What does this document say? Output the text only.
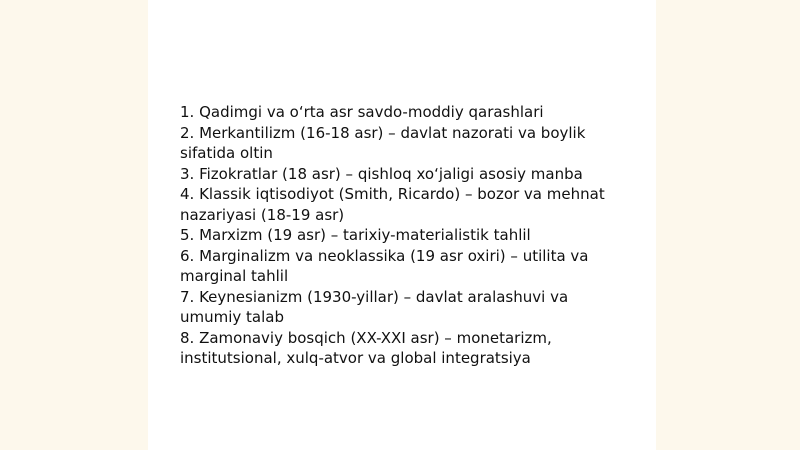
1. Qadimgi va o‘rta asr savdo-moddiy qarashlari

2. Merkantilizm (16-18 asr) – davlat nazorati va boylik sifatida oltin

3. Fizokratlar (18 asr) – qishloq xo‘jaligi asosiy manba

4. Klassik iqtisodiyot (Smith, Ricardo) – bozor va mehnat nazariyasi (18-19 asr)

5. Marxizm (19 asr) – tarixiy-materialistik tahlil

6. Marginalizm va neoklassika (19 asr oxiri) – utilita va marginal tahlil

7. Keynesianizm (1930-yillar) – davlat aralashuvi va umumiy talab

8. Zamonaviy bosqich (XX-XXI asr) – monetarizm, institutsional, xulq-atvor va global integratsiya
